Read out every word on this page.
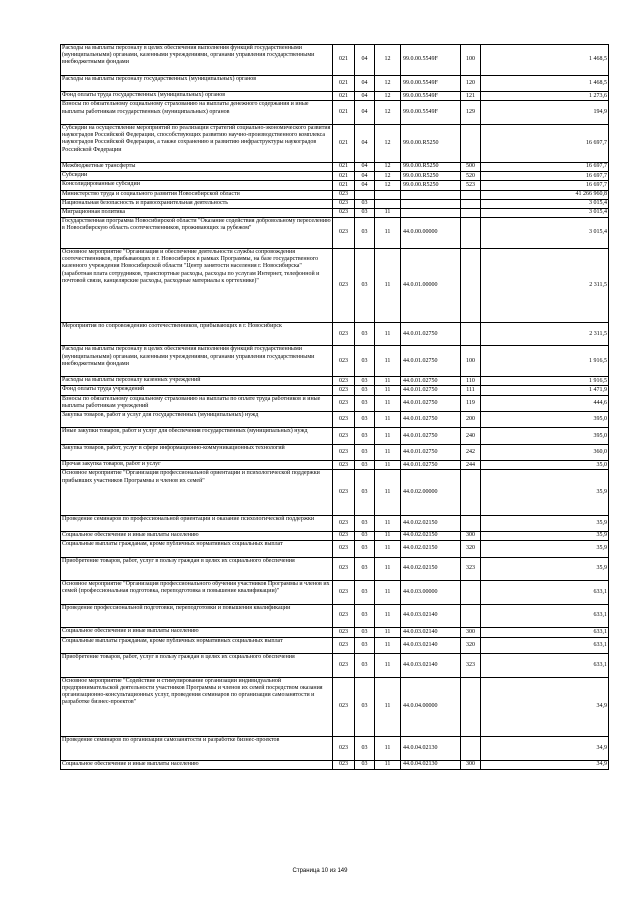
Расходы на выплаты персоналу в целях обеспечения выполнения функций государственными (муниципальными) органами, казенными учреждениями, органами управления государственными внебюджетными фондами	021	04	12	99.0.00.5549F	100	1 468,5
Расходы на выплаты персоналу государственных (муниципальных) органов	021	04	12	99.0.00.5549F	120	1 468,5
Фонд оплаты труда государственных (муниципальных) органов	021	04	12	99.0.00.5549F	121	1 273,6
Взносы по обязательному социальному страхованию на выплаты денежного содержания и иные выплаты работникам государственных (муниципальных) органов	021	04	12	99.0.00.5549F	129	194,9
Субсидии на осуществление мероприятий по реализации стратегий социально-экономического развития наукоградов Российской Федерации, способствующих развитию научно-производственного комплекса наукоградов Российской Федерации, а также сохранению и развитию инфраструктуры наукоградов Российской Федерации	021	04	12	99.0.00.R5250		16 697,7
Межбюджетные трансферты	021	04	12	99.0.00.R5250	500	16 697,7
Субсидии	021	04	12	99.0.00.R5250	520	16 697,7
Консолидированные субсидии	021	04	12	99.0.00.R5250	523	16 697,7
Министерство труда и социального развития Новосибирской области	023					41 266 960,8
Национальная безопасность и правоохранительная деятельность	023	03				3 015,4
Миграционная политика	023	03	11			3 015,4
Государственная программа Новосибирской области "Оказание содействия добровольному переселению в Новосибирскую область соотечественников, проживающих за рубежом"	023	03	11	44.0.00.00000		3 015,4
Основное мероприятие "Организация и обеспечение деятельности службы сопровождения соотечественников, прибывающих в г. Новосибирск в рамках Программы, на базе государственного казенного учреждения Новосибирской области "Центр занятости населения г. Новосибирска" (заработная плата сотрудников, транспортные расходы, расходы по услугам Интернет, телефонной и почтовой связи, канцелярские расходы, расходные материалы к оргтехнике)"	023	03	11	44.0.01.00000		2 311,5
Мероприятия по сопровождению соотечественников, прибывающих в г. Новосибирск	023	03	11	44.0.01.02750		2 311,5
Расходы на выплаты персоналу в целях обеспечения выполнения функций государственными (муниципальными) органами, казенными учреждениями, органами управления государственными внебюджетными фондами	023	03	11	44.0.01.02750	100	1 916,5
Расходы на выплаты персоналу казенных учреждений	023	03	11	44.0.01.02750	110	1 916,5
Фонд оплаты труда учреждений	023	03	11	44.0.01.02750	111	1 471,9
Взносы по обязательному социальному страхованию на выплаты по оплате труда работников и иные выплаты работникам учреждений	023	03	11	44.0.01.02750	119	444,6
Закупка товаров, работ и услуг для государственных (муниципальных) нужд	023	03	11	44.0.01.02750	200	395,0
Иные закупки товаров, работ и услуг для обеспечения государственных (муниципальных) нужд	023	03	11	44.0.01.02750	240	395,0
Закупка товаров, работ, услуг в сфере информационно-коммуникационных технологий	023	03	11	44.0.01.02750	242	360,0
Прочая закупка товаров, работ и услуг	023	03	11	44.0.01.02750	244	35,0
Основное мероприятие "Организация профессиональной ориентации и психологической поддержки прибывших участников Программы и членов их семей"	023	03	11	44.0.02.00000		35,9
Проведение семинаров по профессиональной ориентации и оказание психологической поддержки	023	03	11	44.0.02.02150		35,9
Социальное обеспечение и иные выплаты населению	023	03	11	44.0.02.02150	300	35,9
Социальные выплаты гражданам, кроме публичных нормативных социальных выплат	023	03	11	44.0.02.02150	320	35,9
Приобретение товаров, работ, услуг в пользу граждан в целях их социального обеспечения	023	03	11	44.0.02.02150	323	35,9
Основное мероприятие "Организация профессионального обучения участников Программы и членов их семей (профессиональная подготовка, переподготовка и повышение квалификации)"	023	03	11	44.0.03.00000		633,1
Проведение профессиональной подготовки, переподготовки и повышения квалификации	023	03	11	44.0.03.02140		633,1
Социальное обеспечение и иные выплаты населению	023	03	11	44.0.03.02140	300	633,1
Социальные выплаты гражданам, кроме публичных нормативных социальных выплат	023	03	11	44.0.03.02140	320	633,1
Приобретение товаров, работ, услуг в пользу граждан в целях их социального обеспечения	023	03	11	44.0.03.02140	323	633,1
Основное мероприятие "Содействие и стимулирование организации индивидуальной предпринимательской деятельности участников Программы и членов их семей посредством оказания организационно-консультационных услуг, проведения семинаров по организации самозанятости и разработке бизнес-проектов"	023	03	11	44.0.04.00000		34,9
Проведение семинаров по организации самозанятости и разработке бизнес-проектов	023	03	11	44.0.04.02130		34,9
Социальное обеспечение и иные выплаты населению	023	03	11	44.0.04.02130	300	34,9
Страница 10 из 149
